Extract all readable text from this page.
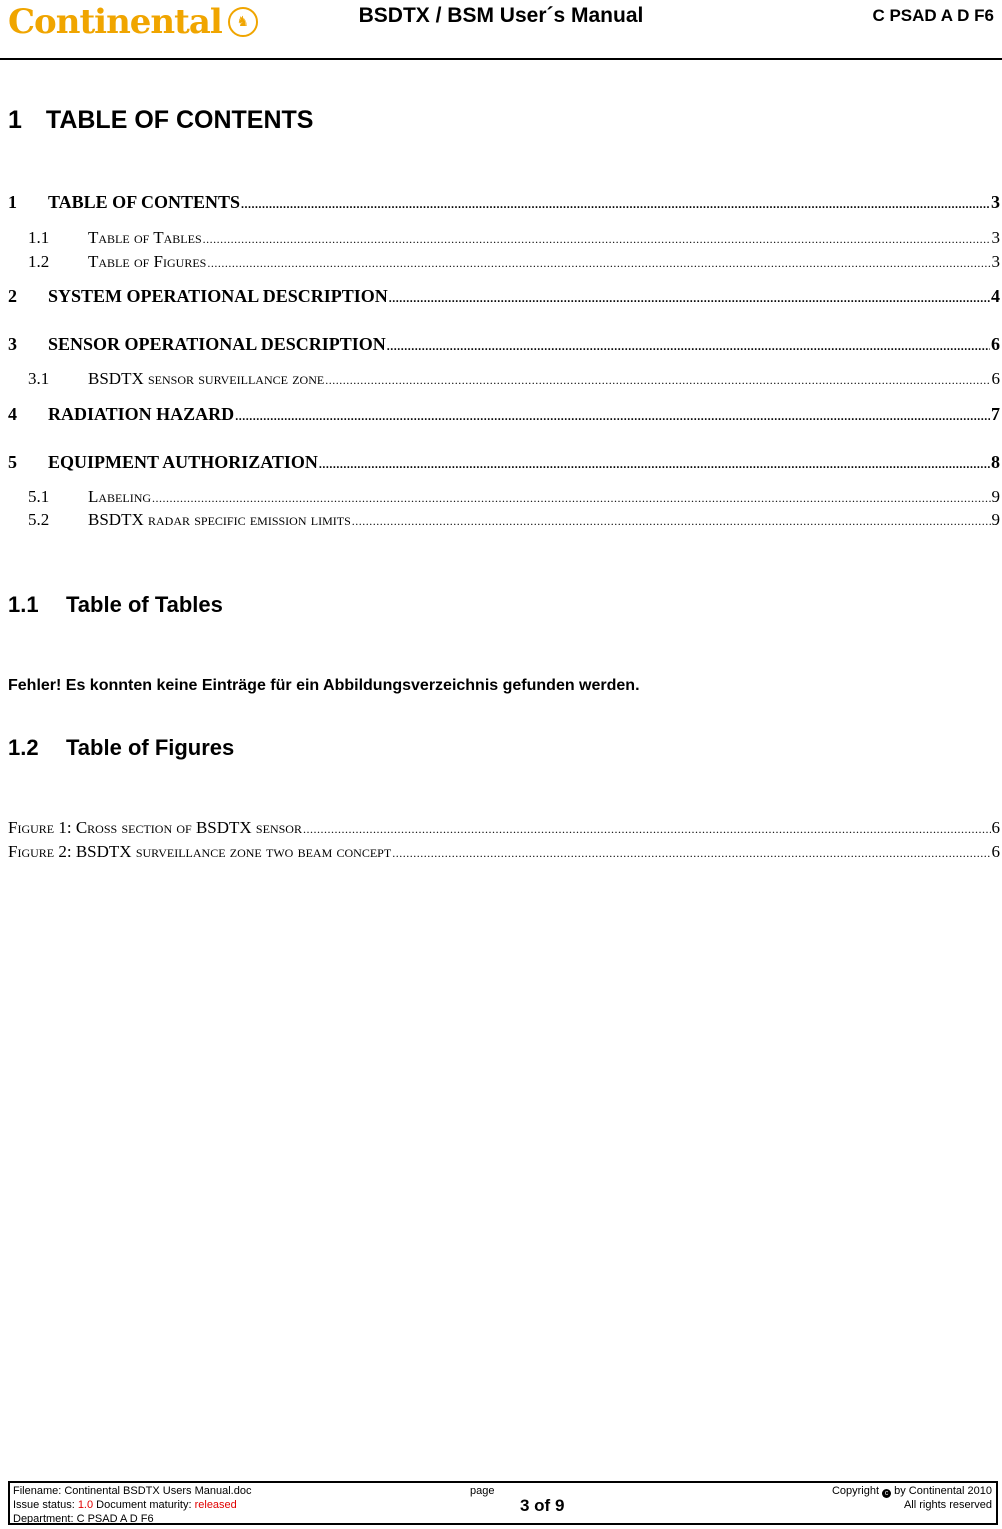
Continental	♞	BSDTX / BSM User´s Manual	C PSAD A D F6
1 TABLE OF CONTENTS
1	TABLE OF CONTENTS .....	3
1.1	Table of Tables .....	3
1.2	Table of Figures .....	3
2	SYSTEM OPERATIONAL DESCRIPTION .....	4
3	SENSOR OPERATIONAL DESCRIPTION .....	6
3.1	BSDTX sensor surveillance zone .....	6
4	RADIATION HAZARD .....	7
5	EQUIPMENT AUTHORIZATION .....	8
5.1	Labeling .....	9
5.2	BSDTX radar specific emission limits .....	9
1.1 Table of Tables
Fehler! Es konnten keine Einträge für ein Abbildungsverzeichnis gefunden werden.
1.2 Table of Figures
Figure 1: Cross section of BSDTX sensor .....	6
Figure 2: BSDTX surveillance zone two beam concept .....	6
Filename: Continental BSDTX Users Manual.doc
Issue status: 1.0 Document maturity: released
Department: C PSAD A D F6
page
3 of 9
Copyright c by Continental 2010
All rights reserved
